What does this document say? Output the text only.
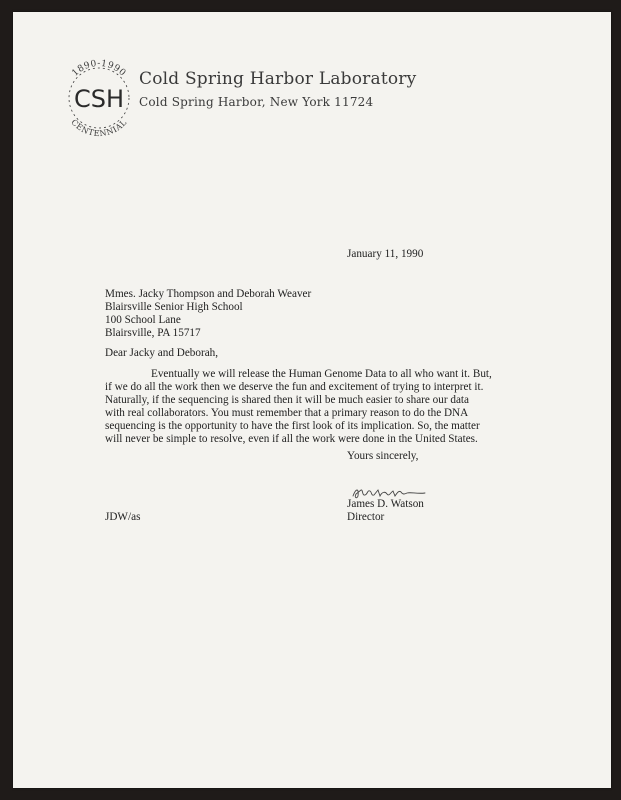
1890-1990
CSH
CENTENNIAL
Cold Spring Harbor Laboratory
Cold Spring Harbor, New York 11724
January 11, 1990
Mmes. Jacky Thompson and Deborah Weaver
Blairsville Senior High School
100 School Lane
Blairsville, PA 15717
Dear Jacky and Deborah,
Eventually we will release the Human Genome Data to all who want it. But,
if we do all the work then we deserve the fun and excitement of trying to interpret it.
Naturally, if the sequencing is shared then it will be much easier to share our data
with real collaborators. You must remember that a primary reason to do the DNA
sequencing is the opportunity to have the first look of its implication. So, the matter
will never be simple to resolve, even if all the work were done in the United States.
Yours sincerely,
James D. Watson
Director
JDW/as
